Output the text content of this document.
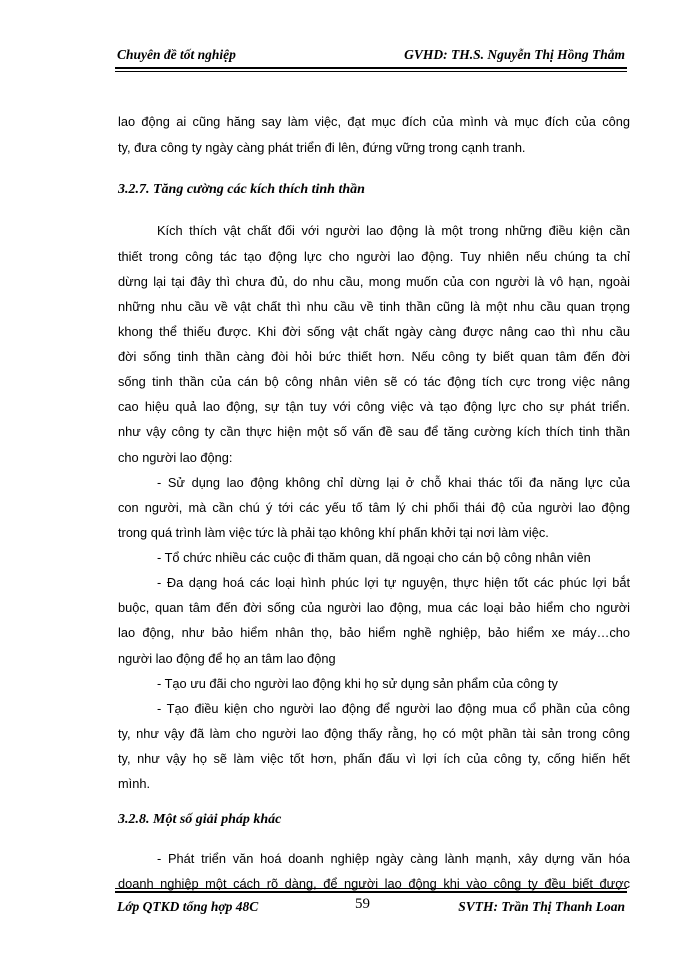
Chuyên đề tốt nghiệp	GVHD: TH.S. Nguyễn Thị Hồng Thắm
lao động ai cũng hăng say làm việc, đạt mục đích của mình và mục đích của công
ty, đưa công ty ngày càng phát triển đi lên, đứng vững trong cạnh tranh.
3.2.7. Tăng cường các kích thích tinh thần
Kích thích vật chất đối với người lao động là một trong những điều kiện cần
thiết trong công tác tạo động lực cho người lao động. Tuy nhiên nếu chúng ta chỉ
dừng lại tại đây thì chưa đủ, do nhu cầu, mong muốn của con người là vô hạn, ngoài
những nhu cầu về vật chất thì nhu cầu về tinh thần cũng là một nhu cầu quan trọng
khong thể thiếu được. Khi đời sống vật chất ngày càng được nâng cao thì nhu cầu
đời sống tinh thần càng đòi hỏi bức thiết hơn. Nếu công ty biết quan tâm đến đời
sống tinh thần của cán bộ công nhân viên sẽ có tác động tích cực trong việc nâng
cao hiệu quả lao động, sự tận tuy với công việc và tạo động lực cho sự phát triển.
như vậy công ty cần thực hiện một số vấn đề sau để tăng cường kích thích tinh thần
cho người lao động:
- Sử dụng lao động không chỉ dừng lại ở chỗ khai thác tối đa năng lực của
con người, mà cần chú ý tới các yếu tố tâm lý chi phối thái độ của người lao động
trong quá trình làm việc tức là phải tạo không khí phấn khởi tại nơi làm việc.
- Tổ chức nhiều các cuộc đi thăm quan, dã ngoại cho cán bộ công nhân viên
- Đa dạng hoá các loại hình phúc lợi tự nguyện, thực hiện tốt các phúc lợi bắt
buộc, quan tâm đến đời sống của người lao động, mua các loại bảo hiểm cho người
lao động, như bảo hiểm nhân thọ, bảo hiểm nghề nghiệp, bảo hiểm xe máy…cho
người lao động để họ an tâm lao động
- Tạo ưu đãi cho người lao động khi họ sử dụng sản phẩm của công ty
- Tạo điều kiện cho người lao động để người lao động mua cổ phần của công
ty, như vậy đã làm cho người lao động thấy rằng, họ có một phần tài sản trong công
ty, như vậy họ sẽ làm việc tốt hơn, phấn đấu vì lợi ích của công ty, cống hiến hết
mình.
3.2.8. Một số giải pháp khác
- Phát triển văn hoá doanh nghiệp ngày càng lành mạnh, xây dựng văn hóa
doanh nghiệp một cách rõ dàng, để người lao động khi vào công ty đều biết được
Lớp QTKD tổng hợp 48C	59	SVTH: Trần Thị Thanh Loan
